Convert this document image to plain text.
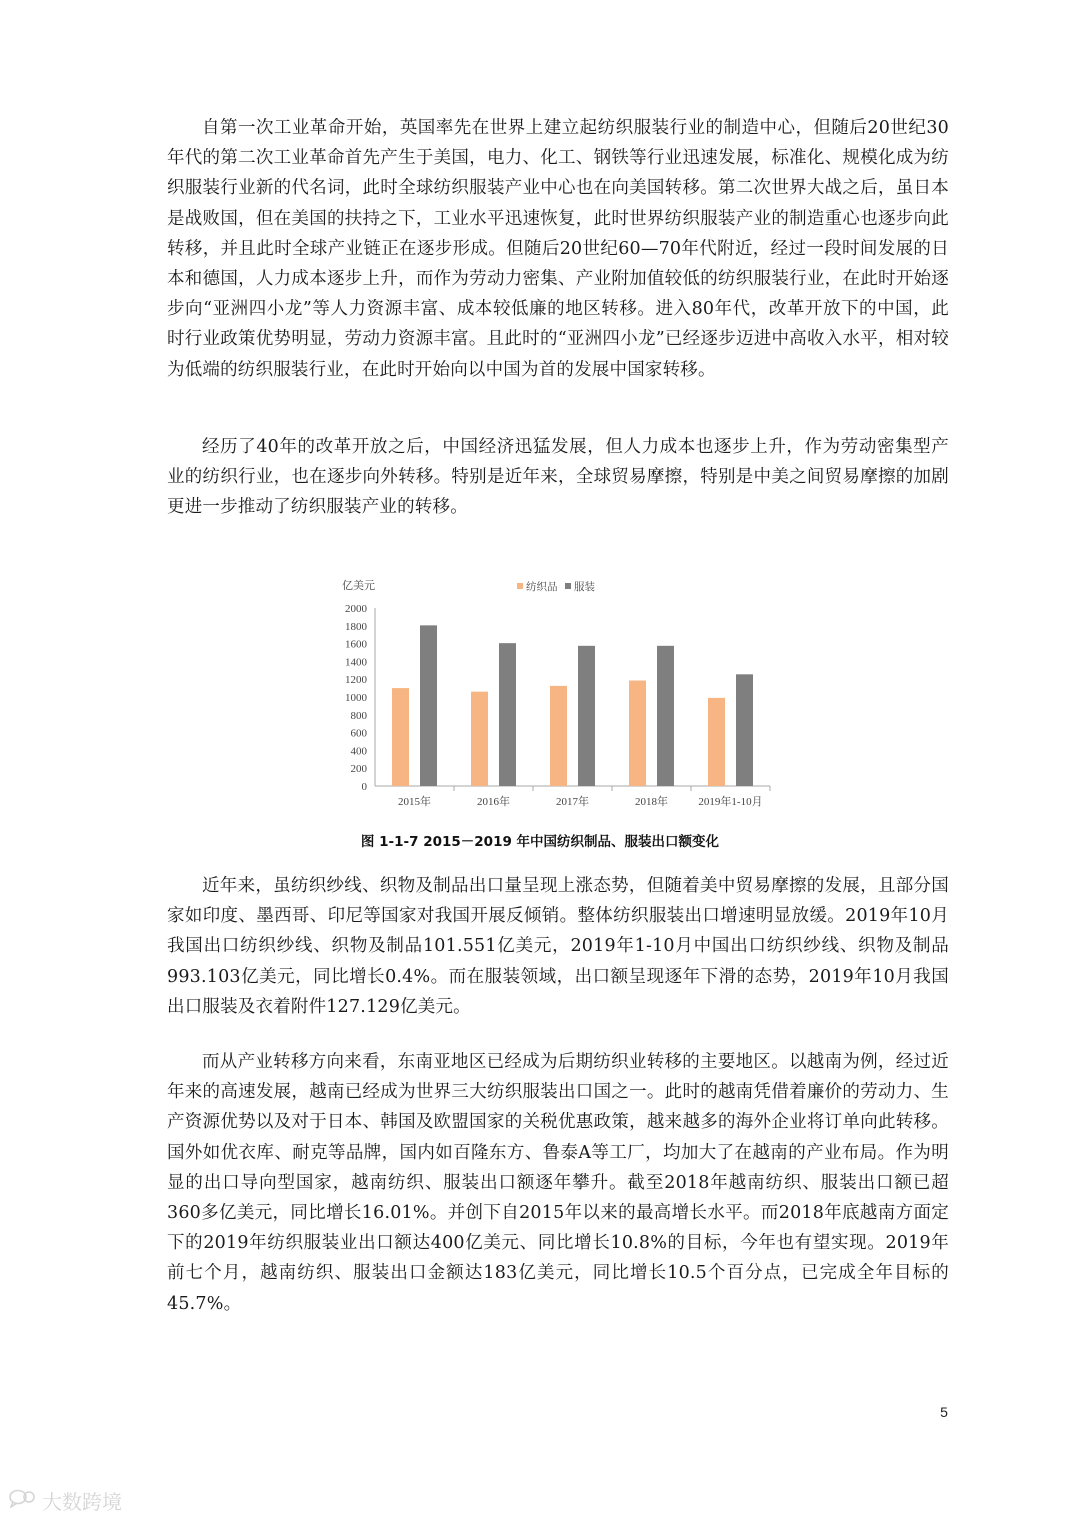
自第一次工业革命开始，英国率先在世界上建立起纺织服装行业的制造中心，但随后20世纪30年代的第二次工业革命首先产生于美国，电力、化工、钢铁等行业迅速发展，标准化、规模化成为纺织服装行业新的代名词，此时全球纺织服装产业中心也在向美国转移。第二次世界大战之后，虽日本是战败国，但在美国的扶持之下，工业水平迅速恢复，此时世界纺织服装产业的制造重心也逐步向此转移，并且此时全球产业链正在逐步形成。但随后20世纪60—70年代附近，经过一段时间发展的日本和德国，人力成本逐步上升，而作为劳动力密集、产业附加值较低的纺织服装行业，在此时开始逐步向“亚洲四小龙”等人力资源丰富、成本较低廉的地区转移。进入80年代，改革开放下的中国，此时行业政策优势明显，劳动力资源丰富。且此时的“亚洲四小龙”已经逐步迈进中高收入水平，相对较为低端的纺织服装行业，在此时开始向以中国为首的发展中国家转移。

经历了40年的改革开放之后，中国经济迅猛发展，但人力成本也逐步上升，作为劳动密集型产业的纺织行业，也在逐步向外转移。特别是近年来，全球贸易摩擦，特别是中美之间贸易摩擦的加剧更进一步推动了纺织服装产业的转移。

亿美元	纺织品 服装
0
200
400
600
800
1000
1200
1400
1600
1800
2000
2015年	2016年	2017年	2018年	2019年1-10月
图 1-1-7 2015－2019 年中国纺织制品、服装出口额变化

近年来，虽纺织纱线、织物及制品出口量呈现上涨态势，但随着美中贸易摩擦的发展，且部分国家如印度、墨西哥、印尼等国家对我国开展反倾销。整体纺织服装出口增速明显放缓。2019年10月我国出口纺织纱线、织物及制品101.551亿美元，2019年1-10月中国出口纺织纱线、织物及制品993.103亿美元，同比增长0.4%。而在服装领域，出口额呈现逐年下滑的态势，2019年10月我国出口服装及衣着附件127.129亿美元。

而从产业转移方向来看，东南亚地区已经成为后期纺织业转移的主要地区。以越南为例，经过近年来的高速发展，越南已经成为世界三大纺织服装出口国之一。此时的越南凭借着廉价的劳动力、生产资源优势以及对于日本、韩国及欧盟国家的关税优惠政策，越来越多的海外企业将订单向此转移。国外如优衣库、耐克等品牌，国内如百隆东方、鲁泰A等工厂，均加大了在越南的产业布局。作为明显的出口导向型国家，越南纺织、服装出口额逐年攀升。截至2018年越南纺织、服装出口额已超360多亿美元，同比增长16.01%。并创下自2015年以来的最高增长水平。而2018年底越南方面定下的2019年纺织服装业出口额达400亿美元、同比增长10.8%的目标，今年也有望实现。2019年前七个月，越南纺织、服装出口金额达183亿美元，同比增长10.5个百分点，已完成全年目标的45.7%。

5
大数跨境
